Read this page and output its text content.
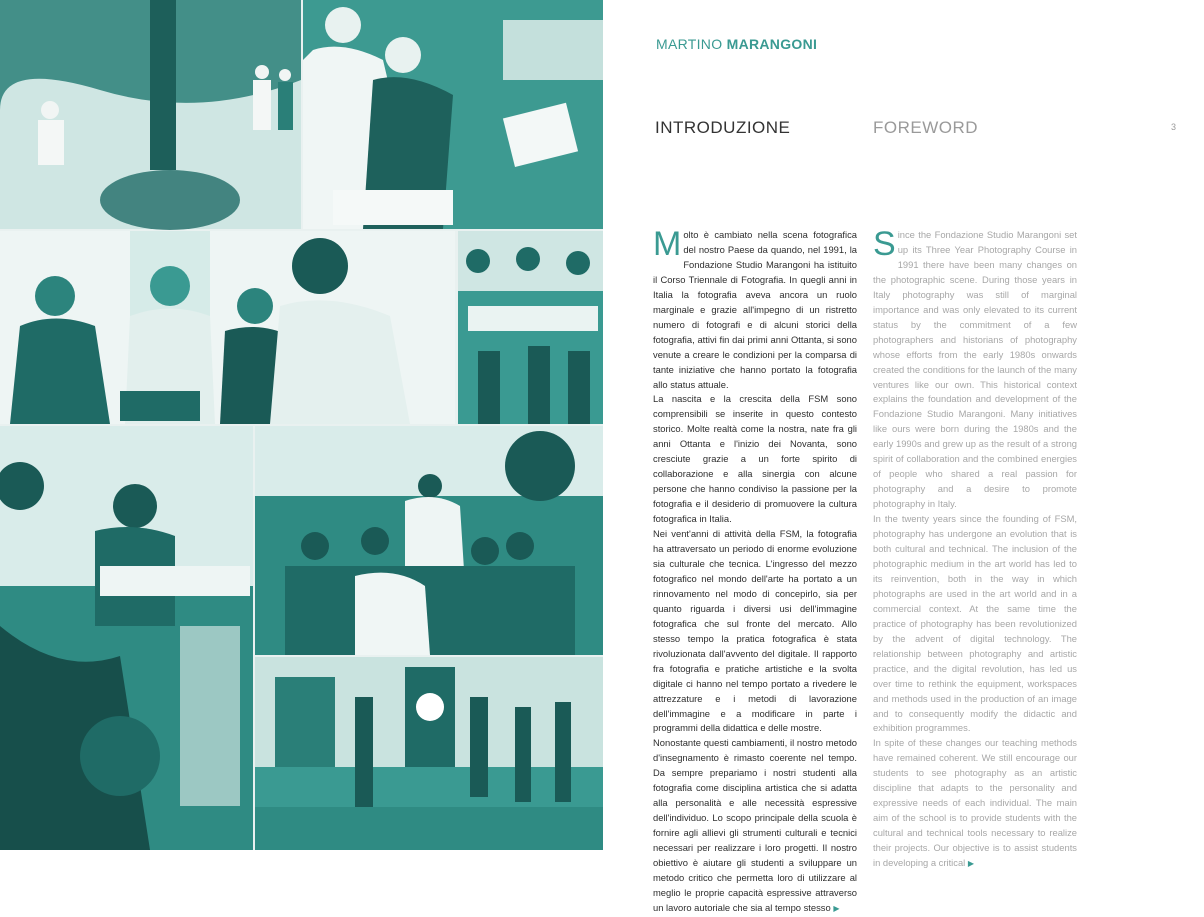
MARTINO MARANGONI
INTRODUZIONE	FOREWORD	3

Molto è cambiato nella scena fotografica del nostro Paese da quando, nel 1991, la Fondazione Studio Marangoni ha istituito il Corso Triennale di Fotografia. In quegli anni in Italia la fotografia aveva ancora un ruolo marginale e grazie all'impegno di un ristretto numero di fotografi e di alcuni storici della fotografia, attivi fin dai primi anni Ottanta, si sono venute a creare le condizioni per la comparsa di tante iniziative che hanno portato la fotografia allo status attuale.

La nascita e la crescita della FSM sono comprensibili se inserite in questo contesto storico. Molte realtà come la nostra, nate fra gli anni Ottanta e l'inizio dei Novanta, sono cresciute grazie a un forte spirito di collaborazione e alla sinergia con alcune persone che hanno condiviso la passione per la fotografia e il desiderio di promuovere la cultura fotografica in Italia.

Nei vent'anni di attività della FSM, la fotografia ha attraversato un periodo di enorme evoluzione sia culturale che tecnica. L'ingresso del mezzo fotografico nel mondo dell'arte ha portato a un rinnovamento nel modo di concepirlo, sia per quanto riguarda i diversi usi dell'immagine fotografica che sul fronte del mercato. Allo stesso tempo la pratica fotografica è stata rivoluzionata dall'avvento del digitale. Il rapporto fra fotografia e pratiche artistiche e la svolta digitale ci hanno nel tempo portato a rivedere le attrezzature e i metodi di lavorazione dell'immagine e a modificare in parte i programmi della didattica e delle mostre.

Nonostante questi cambiamenti, il nostro metodo d'insegnamento è rimasto coerente nel tempo. Da sempre prepariamo i nostri studenti alla fotografia come disciplina artistica che si adatta alla personalità e alle necessità espressive dell'individuo. Lo scopo principale della scuola è fornire agli allievi gli strumenti culturali e tecnici necessari per realizzare i loro progetti. Il nostro obiettivo è aiutare gli studenti a sviluppare un metodo critico che permetta loro di utilizzare al meglio le proprie capacità espressive attraverso un lavoro autoriale che sia al tempo stesso ▶

Since the Fondazione Studio Marangoni set up its Three Year Photography Course in 1991 there have been many changes on the photographic scene. During those years in Italy photography was still of marginal importance and was only elevated to its current status by the commitment of a few photographers and historians of photography whose efforts from the early 1980s onwards created the conditions for the launch of the many ventures like our own. This historical context explains the foundation and development of the Fondazione Studio Marangoni. Many initiatives like ours were born during the 1980s and the early 1990s and grew up as the result of a strong spirit of collaboration and the combined energies of people who shared a real passion for photography and a desire to promote photography in Italy.

In the twenty years since the founding of FSM, photography has undergone an evolution that is both cultural and technical. The inclusion of the photographic medium in the art world has led to its reinvention, both in the way in which photographs are used in the art world and in a commercial context. At the same time the practice of photography has been revolutionized by the advent of digital technology. The relationship between photography and artistic practice, and the digital revolution, has led us over time to rethink the equipment, workspaces and methods used in the production of an image and to consequently modify the didactic and exhibition programmes.

In spite of these changes our teaching methods have remained coherent. We still encourage our students to see photography as an artistic discipline that adapts to the personality and expressive needs of each individual. The main aim of the school is to provide students with the cultural and technical tools necessary to realize their projects. Our objective is to assist students in developing a critical ▶
